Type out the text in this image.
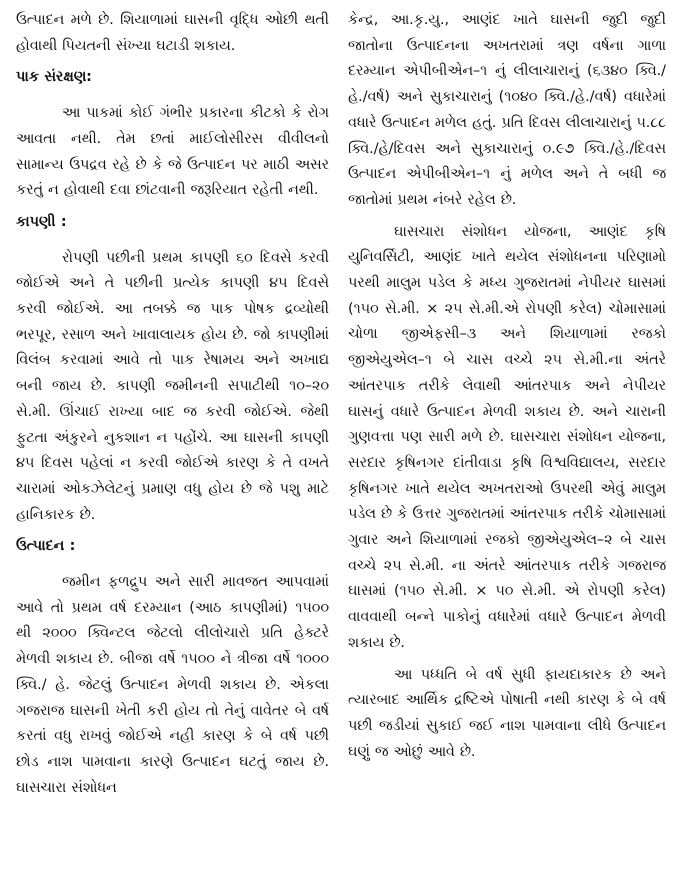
ઉત્પાદન મળે છે. શિયાળામાં ઘાસની વૃદ્ધિ ઓછી થતી હોવાથી પિયતની સંખ્યા ઘટાડી શકાય.

પાક સંરક્ષણ:

આ પાકમાં કોઈ ગંભીર પ્રકારના કીટકો કે રોગ આવતા નથી. તેમ છતાં માઈલોસીરસ વીવીલનો સામાન્ય ઉપદ્રવ રહે છે કે જે ઉત્પાદન પર માઠી અસર કરતું ન હોવાથી દવા છાંટવાની જરૂરિયાત રહેતી નથી.

કાપણી :

રોપણી પછીની પ્રથમ કાપણી ૬૦ દિવસે કરવી જોઈએ અને તે પછીની પ્રત્યેક કાપણી ૪૫ દિવસે કરવી જોઈએ. આ તબક્કે જ પાક પોષક દ્રવ્યોથી ભરપૂર, રસાળ અને ખાવાલાયક હોય છે. જો કાપણીમાં વિલંબ કરવામાં આવે તો પાક રેષામય અને અખાદ્ય બની જાય છે. કાપણી જમીનની સપાટીથી ૧૦–૨૦ સે.મી. ઊંચાઈ રાખ્યા બાદ જ કરવી જોઈએ. જેથી ફુટતા અંકુરને નુકશાન ન પહોંચે. આ ઘાસની કાપણી ૪૫ દિવસ પહેલાં ન કરવી જોઈએ કારણ કે તે વખતે ચારામાં ઓકઝેલેટનું પ્રમાણ વધુ હોય છે જે પશુ માટે હાનિકારક છે.

ઉત્પાદન :

જમીન ફળદ્રુપ અને સારી માવજત આપવામાં આવે તો પ્રથમ વર્ષ દરમ્યાન (આઠ કાપણીમાં) ૧૫૦૦ થી ૨૦૦૦ ક્વિન્ટલ જેટલો લીલોચારો પ્રતિ હેક્ટરે મેળવી શકાય છે. બીજા વર્ષે ૧૫૦૦ ને ત્રીજા વર્ષે ૧૦૦૦ ક્વિ./ હે. જેટલું ઉત્પાદન મેળવી શકાય છે. એકલા ગજરાજ ઘાસની ખેતી કરી હોય તો તેનું વાવેતર બે વર્ષ કરતાં વધુ રાખવું જોઈએ નહી કારણ કે બે વર્ષ પછી છોડ નાશ પામવાના કારણે ઉત્પાદન ઘટતું જાય છે. ઘાસચારા સંશોધન

કેન્દ્ર, આ.કૃ.યુ., આણંદ ખાતે ઘાસની જુદી જુદી જાતોના ઉત્પાદનના અખતરામાં ત્રણ વર્ષના ગાળા દરમ્યાન એપીબીએન–૧ નું લીલાચારાનું (૬૩૪૦ ક્વિ./હે./વર્ષ) અને સુકાચારાનું (૧૦૪૦ ક્વિ./હે./વર્ષ) વધારેમાં વધારે ઉત્પાદન મળેલ હતું. પ્રતિ દિવસ લીલાચારાનું ૫.૮૮ ક્વિ./હે/દિવસ અને સુકાચારાનું ૦.૯૭ ક્વિ./હે./દિવસ ઉત્પાદન એપીબીએન–૧ નું મળેલ અને તે બધી જ જાતોમાં પ્રથમ નંબરે રહેલ છે.

ઘાસચારા સંશોધન યોજના, આણંદ કૃષિ યુનિવર્સિટી, આણંદ ખાતે થયેલ સંશોધનના પરિણામો પરથી માલુમ પડેલ કે મધ્ય ગુજરાતમાં નેપીયર ઘાસમાં (૧૫૦ સે.મી. × ૨૫ સે.મી.એ રોપણી કરેલ) ચોમાસામાં ચોળા જીએફસી–૩ અને શિયાળામાં રજકો જીએયુએલ–૧ બે ચાસ વચ્ચે ૨૫ સે.મી.ના અંતરે આંતરપાક તરીકે લેવાથી આંતરપાક અને નેપીયર ઘાસનું વધારે ઉત્પાદન મેળવી શકાય છે. અને ચારાની ગુણવત્તા પણ સારી મળે છે. ઘાસચારા સંશોધન યોજના, સરદાર કૃષિનગર દાંતીવાડા કૃષિ વિશ્વવિદ્યાલય, સરદાર કૃષિનગર ખાતે થયેલ અખતરાઓ ઉપરથી એવું માલુમ પડેલ છે કે ઉત્તર ગુજરાતમાં આંતરપાક તરીકે ચોમાસામાં ગુવાર અને શિયાળામાં રજકો જીએયુએલ–૨ બે ચાસ વચ્ચે ૨૫ સે.મી. ના અંતરે આંતરપાક તરીકે ગજરાજ ઘાસમાં (૧૫૦ સે.મી. × ૫૦ સે.મી. એ રોપણી કરેલ) વાવવાથી બન્ને પાકોનું વધારેમાં વધારે ઉત્પાદન મેળવી શકાય છે.

આ પધ્ધતિ બે વર્ષ સુધી ફાયદાકારક છે અને ત્યારબાદ આર્થિક દ્રષ્ટિએ પોષાતી નથી કારણ કે બે વર્ષ પછી જડીયાં સુકાઈ જઈ નાશ પામવાના લીધે ઉત્પાદન ઘણું જ ઓછું આવે છે.
